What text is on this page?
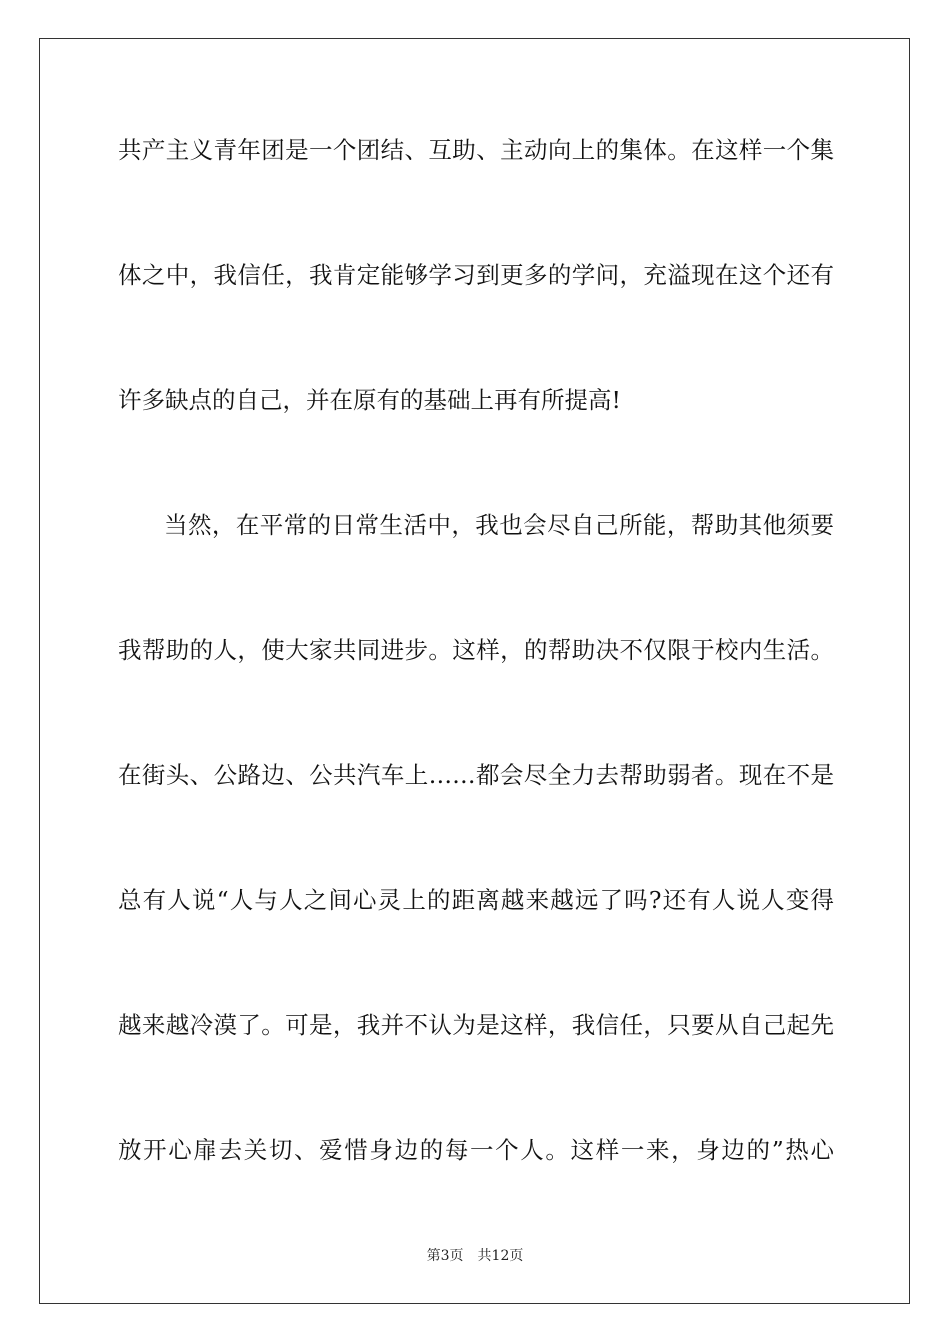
共产主义青年团是一个团结、互助、主动向上的集体。在这样一个集
体之中，我信任，我肯定能够学习到更多的学问，充溢现在这个还有
许多缺点的自己，并在原有的基础上再有所提高!
当然，在平常的日常生活中，我也会尽自己所能，帮助其他须要
我帮助的人，使大家共同进步。这样，的帮助决不仅限于校内生活。
在街头、公路边、公共汽车上……都会尽全力去帮助弱者。现在不是
总有人说“人与人之间心灵上的距离越来越远了吗?还有人说人变得
越来越冷漠了。可是，我并不认为是这样，我信任，只要从自己起先
放开心扉去关切、爱惜身边的每一个人。这样一来，身边的”热心
第3页　共12页
